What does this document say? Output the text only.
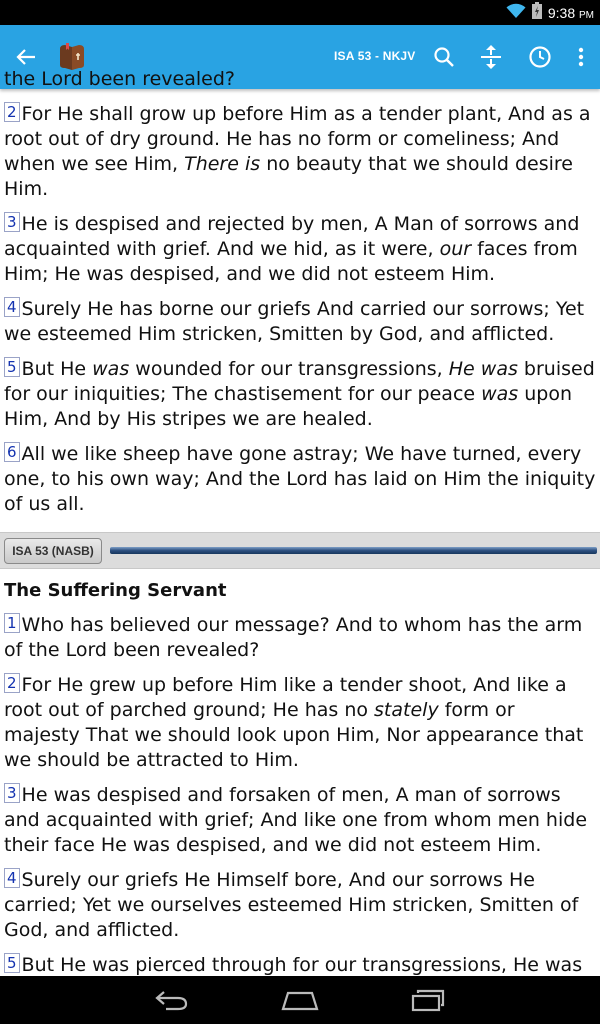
9:38 PM
ISA 53 - NKJV
the Lord been revealed?
2 For He shall grow up before Him as a tender plant, And as a root out of dry ground. He has no form or comeliness; And when we see Him, There is no beauty that we should desire Him.
3 He is despised and rejected by men, A Man of sorrows and acquainted with grief. And we hid, as it were, our faces from Him; He was despised, and we did not esteem Him.
4 Surely He has borne our griefs And carried our sorrows; Yet we esteemed Him stricken, Smitten by God, and afflicted.
5 But He was wounded for our transgressions, He was bruised for our iniquities; The chastisement for our peace was upon Him, And by His stripes we are healed.
6 All we like sheep have gone astray; We have turned, every one, to his own way; And the Lord has laid on Him the iniquity of us all.
ISA 53 (NASB)
The Suffering Servant
1 Who has believed our message? And to whom has the arm of the Lord been revealed?
2 For He grew up before Him like a tender shoot, And like a root out of parched ground; He has no stately form or majesty That we should look upon Him, Nor appearance that we should be attracted to Him.
3 He was despised and forsaken of men, A man of sorrows and acquainted with grief; And like one from whom men hide their face He was despised, and we did not esteem Him.
4 Surely our griefs He Himself bore, And our sorrows He carried; Yet we ourselves esteemed Him stricken, Smitten of God, and afflicted.
5 But He was pierced through for our transgressions, He was
